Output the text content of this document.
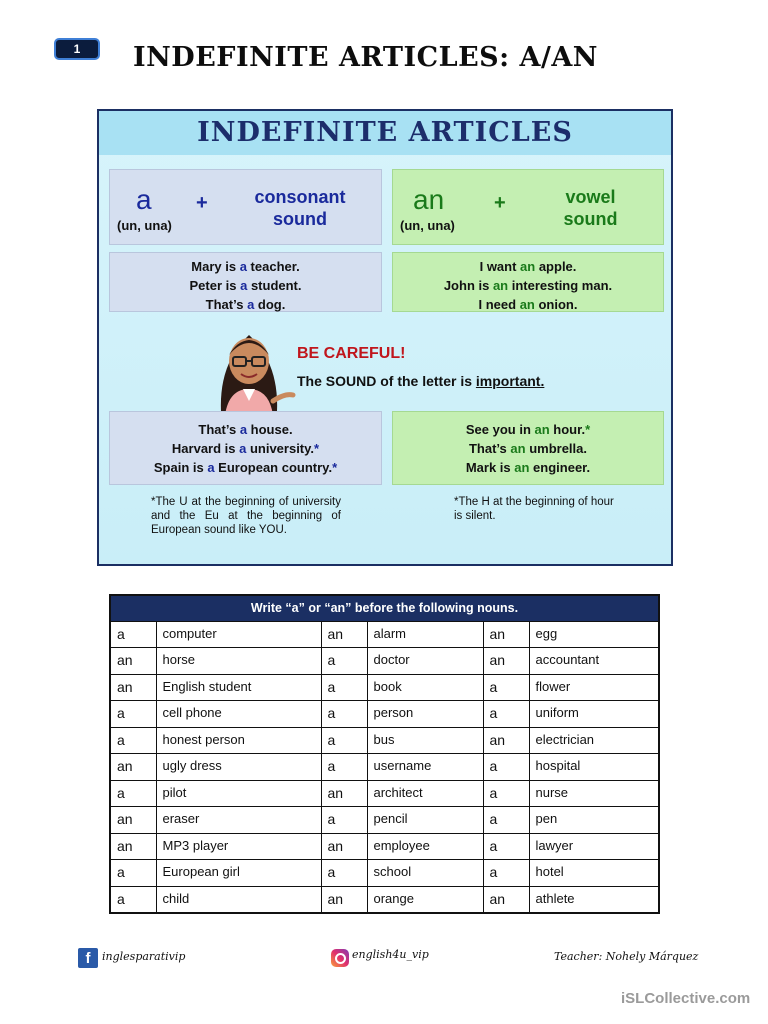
1	INDEFINITE ARTICLES: A/AN
INDEFINITE ARTICLES
a +
(un, una)
consonant
sound
an +
(un, una)
vowel
sound
Mary is a teacher.
Peter is a student.
That’s a dog.
I want an apple.
John is an interesting man.
I need an onion.
BE CAREFUL!
The SOUND of the letter is important.
That’s a house.
Harvard is a university.*
Spain is a European country.*
See you in an hour.*
That’s an umbrella.
Mark is an engineer.
*The U at the beginning of university and the Eu at the beginning of European sound like YOU.
*The H at the beginning of hour is silent.
Write “a” or “an” before the following nouns.					
a	computer	an	alarm	an	egg
an	horse	a	doctor	an	accountant
an	English student	a	book	a	flower
a	cell phone	a	person	a	uniform
a	honest person	a	bus	an	electrician
an	ugly dress	a	username	a	hospital
a	pilot	an	architect	a	nurse
an	eraser	a	pencil	a	pen
an	MP3 player	an	employee	a	lawyer
a	European girl	a	school	a	hotel
a	child	an	orange	an	athlete
f	inglesparativip	english4u_vip	Teacher: Nohely Márquez
iSLCollective.com
